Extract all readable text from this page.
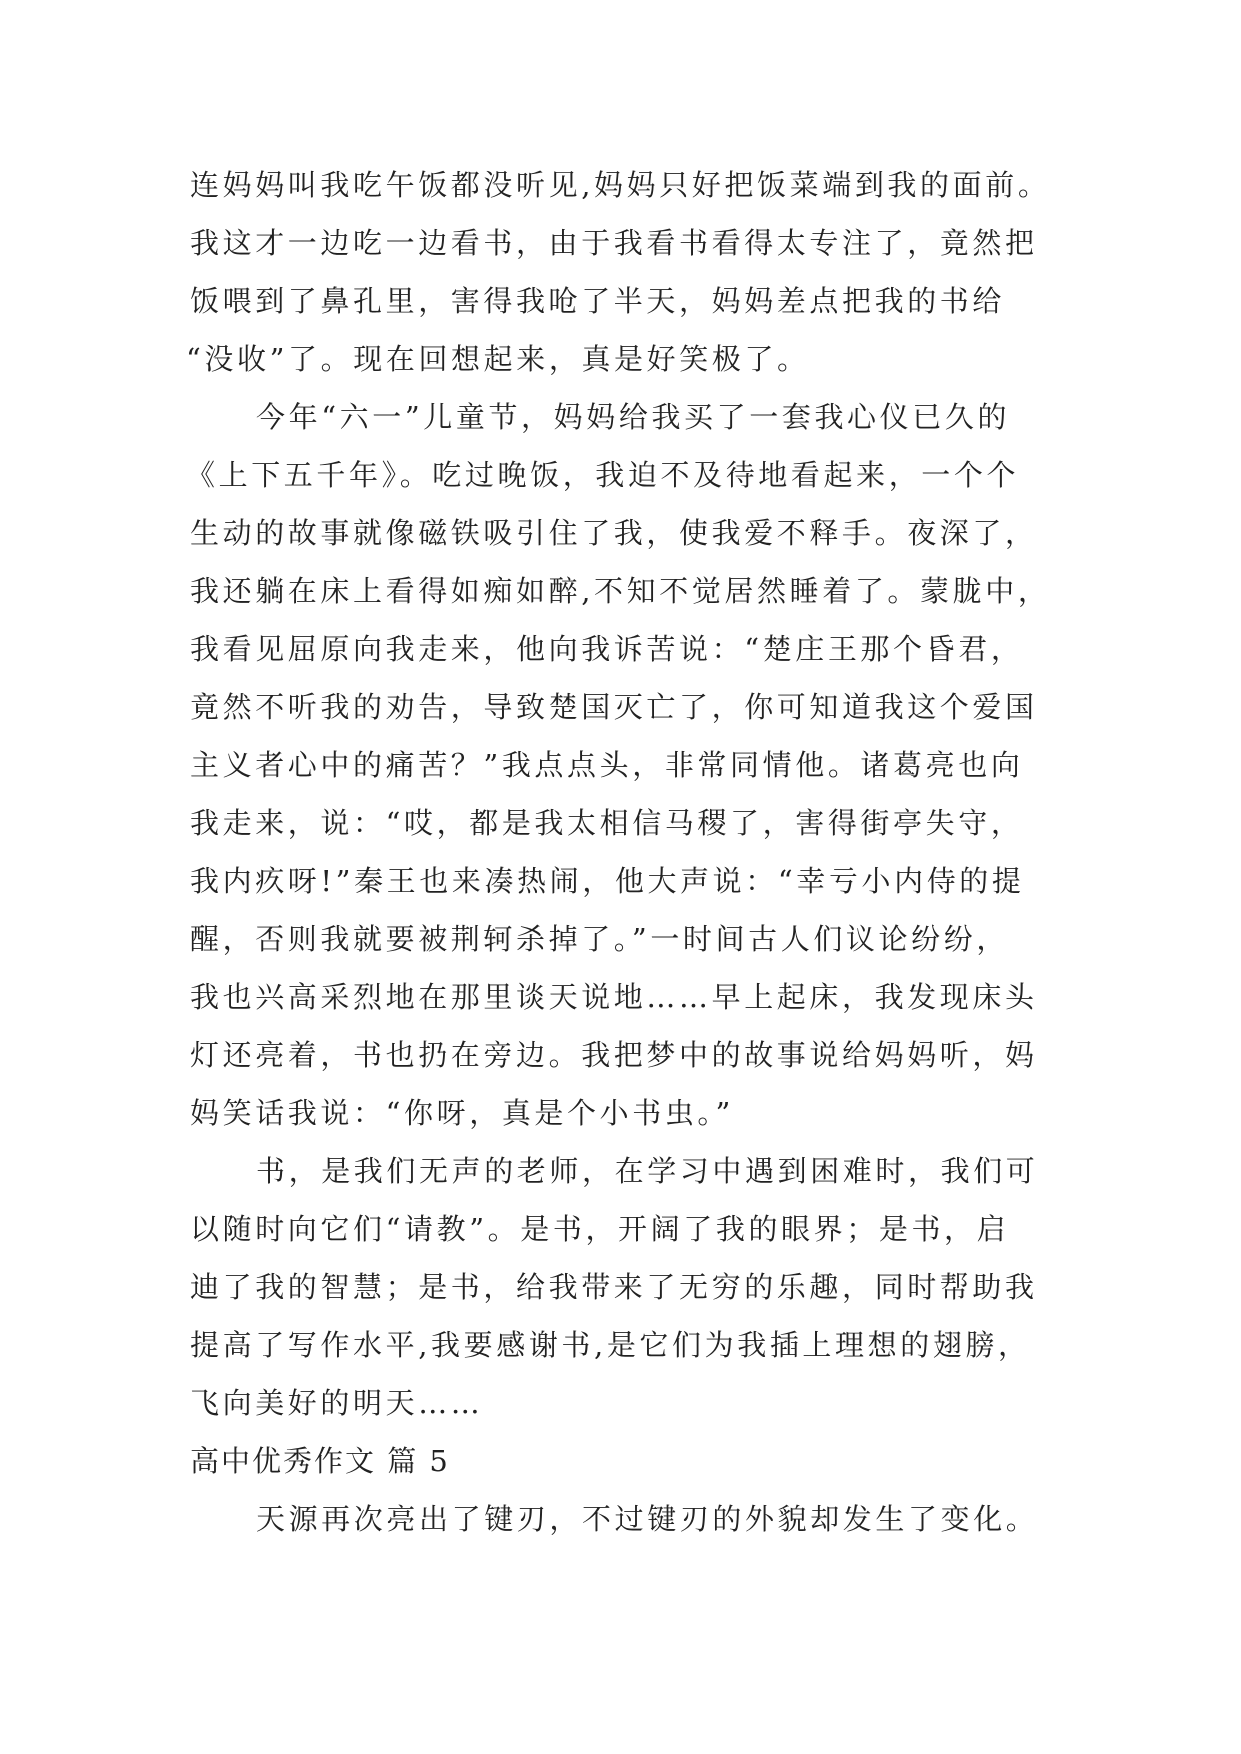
连妈妈叫我吃午饭都没听见,妈妈只好把饭菜端到我的面前。
我这才一边吃一边看书，由于我看书看得太专注了，竟然把
饭喂到了鼻孔里，害得我呛了半天，妈妈差点把我的书给
“没收”了。现在回想起来，真是好笑极了。
今年“六一”儿童节，妈妈给我买了一套我心仪已久的
《上下五千年》。吃过晚饭，我迫不及待地看起来，一个个
生动的故事就像磁铁吸引住了我，使我爱不释手。夜深了，
我还躺在床上看得如痴如醉,不知不觉居然睡着了。蒙胧中，
我看见屈原向我走来，他向我诉苦说：“楚庄王那个昏君，
竟然不听我的劝告，导致楚国灭亡了，你可知道我这个爱国
主义者心中的痛苦？”我点点头，非常同情他。诸葛亮也向
我走来，说：“哎，都是我太相信马稷了，害得街亭失守，
我内疚呀!”秦王也来凑热闹，他大声说：“幸亏小内侍的提
醒，否则我就要被荆轲杀掉了。”一时间古人们议论纷纷，
我也兴高采烈地在那里谈天说地……早上起床，我发现床头
灯还亮着，书也扔在旁边。我把梦中的故事说给妈妈听，妈
妈笑话我说：“你呀，真是个小书虫。”
书，是我们无声的老师，在学习中遇到困难时，我们可
以随时向它们“请教”。是书，开阔了我的眼界；是书，启
迪了我的智慧；是书，给我带来了无穷的乐趣，同时帮助我
提高了写作水平,我要感谢书,是它们为我插上理想的翅膀，
飞向美好的明天……
高中优秀作文 篇 5
天源再次亮出了键刃，不过键刃的外貌却发生了变化。
